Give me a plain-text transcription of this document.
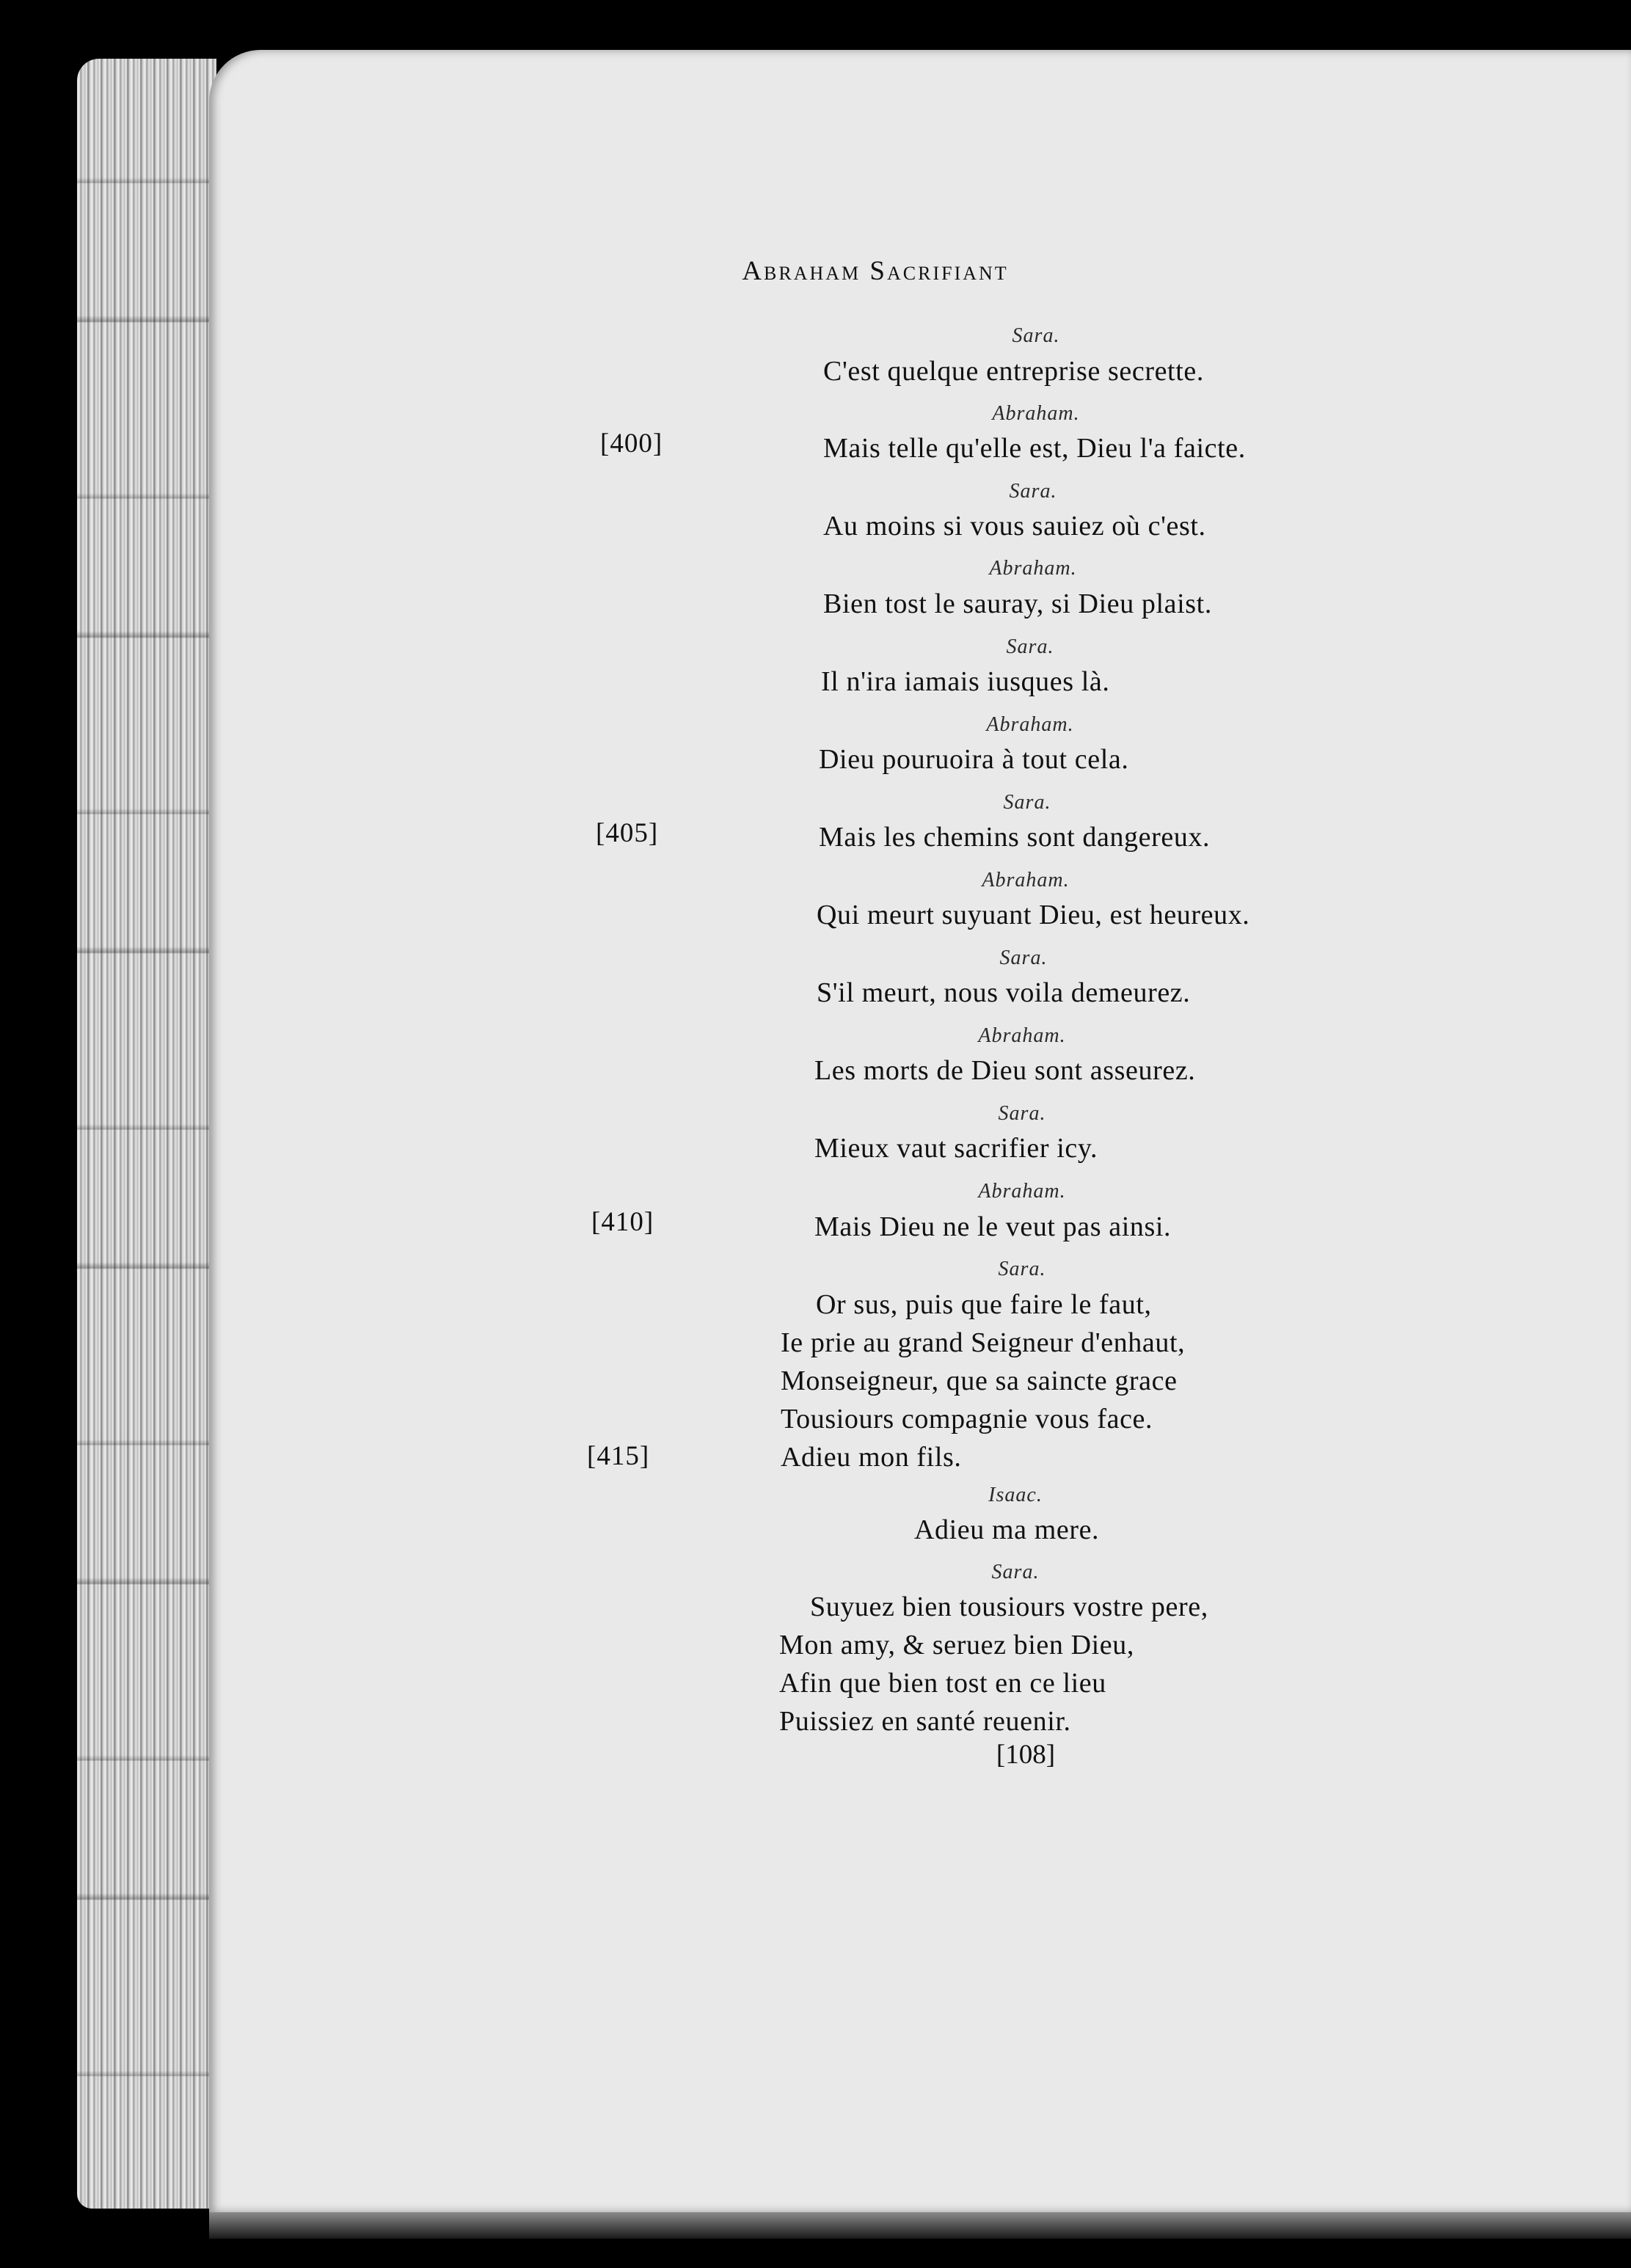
Abraham Sacrifiant
[400]
[405]
[410]
[415]
Sara.
C'est quelque entreprise secrette.
Abraham.
Mais telle qu'elle est, Dieu l'a faicte.
Sara.
Au moins si vous sauiez où c'est.
Abraham.
Bien tost le sauray, si Dieu plaist.
Sara.
Il n'ira iamais iusques là.
Abraham.
Dieu pouruoira à tout cela.
Sara.
Mais les chemins sont dangereux.
Abraham.
Qui meurt suyuant Dieu, est heureux.
Sara.
S'il meurt, nous voila demeurez.
Abraham.
Les morts de Dieu sont asseurez.
Sara.
Mieux vaut sacrifier icy.
Abraham.
Mais Dieu ne le veut pas ainsi.
Sara.
Or sus, puis que faire le faut,
Ie prie au grand Seigneur d'enhaut,
Monseigneur, que sa saincte grace
Tousiours compagnie vous face.
Adieu mon fils.
Isaac.
Adieu ma mere.
Sara.
Suyuez bien tousiours vostre pere,
Mon amy, & seruez bien Dieu,
Afin que bien tost en ce lieu
Puissiez en santé reuenir.
[108]
